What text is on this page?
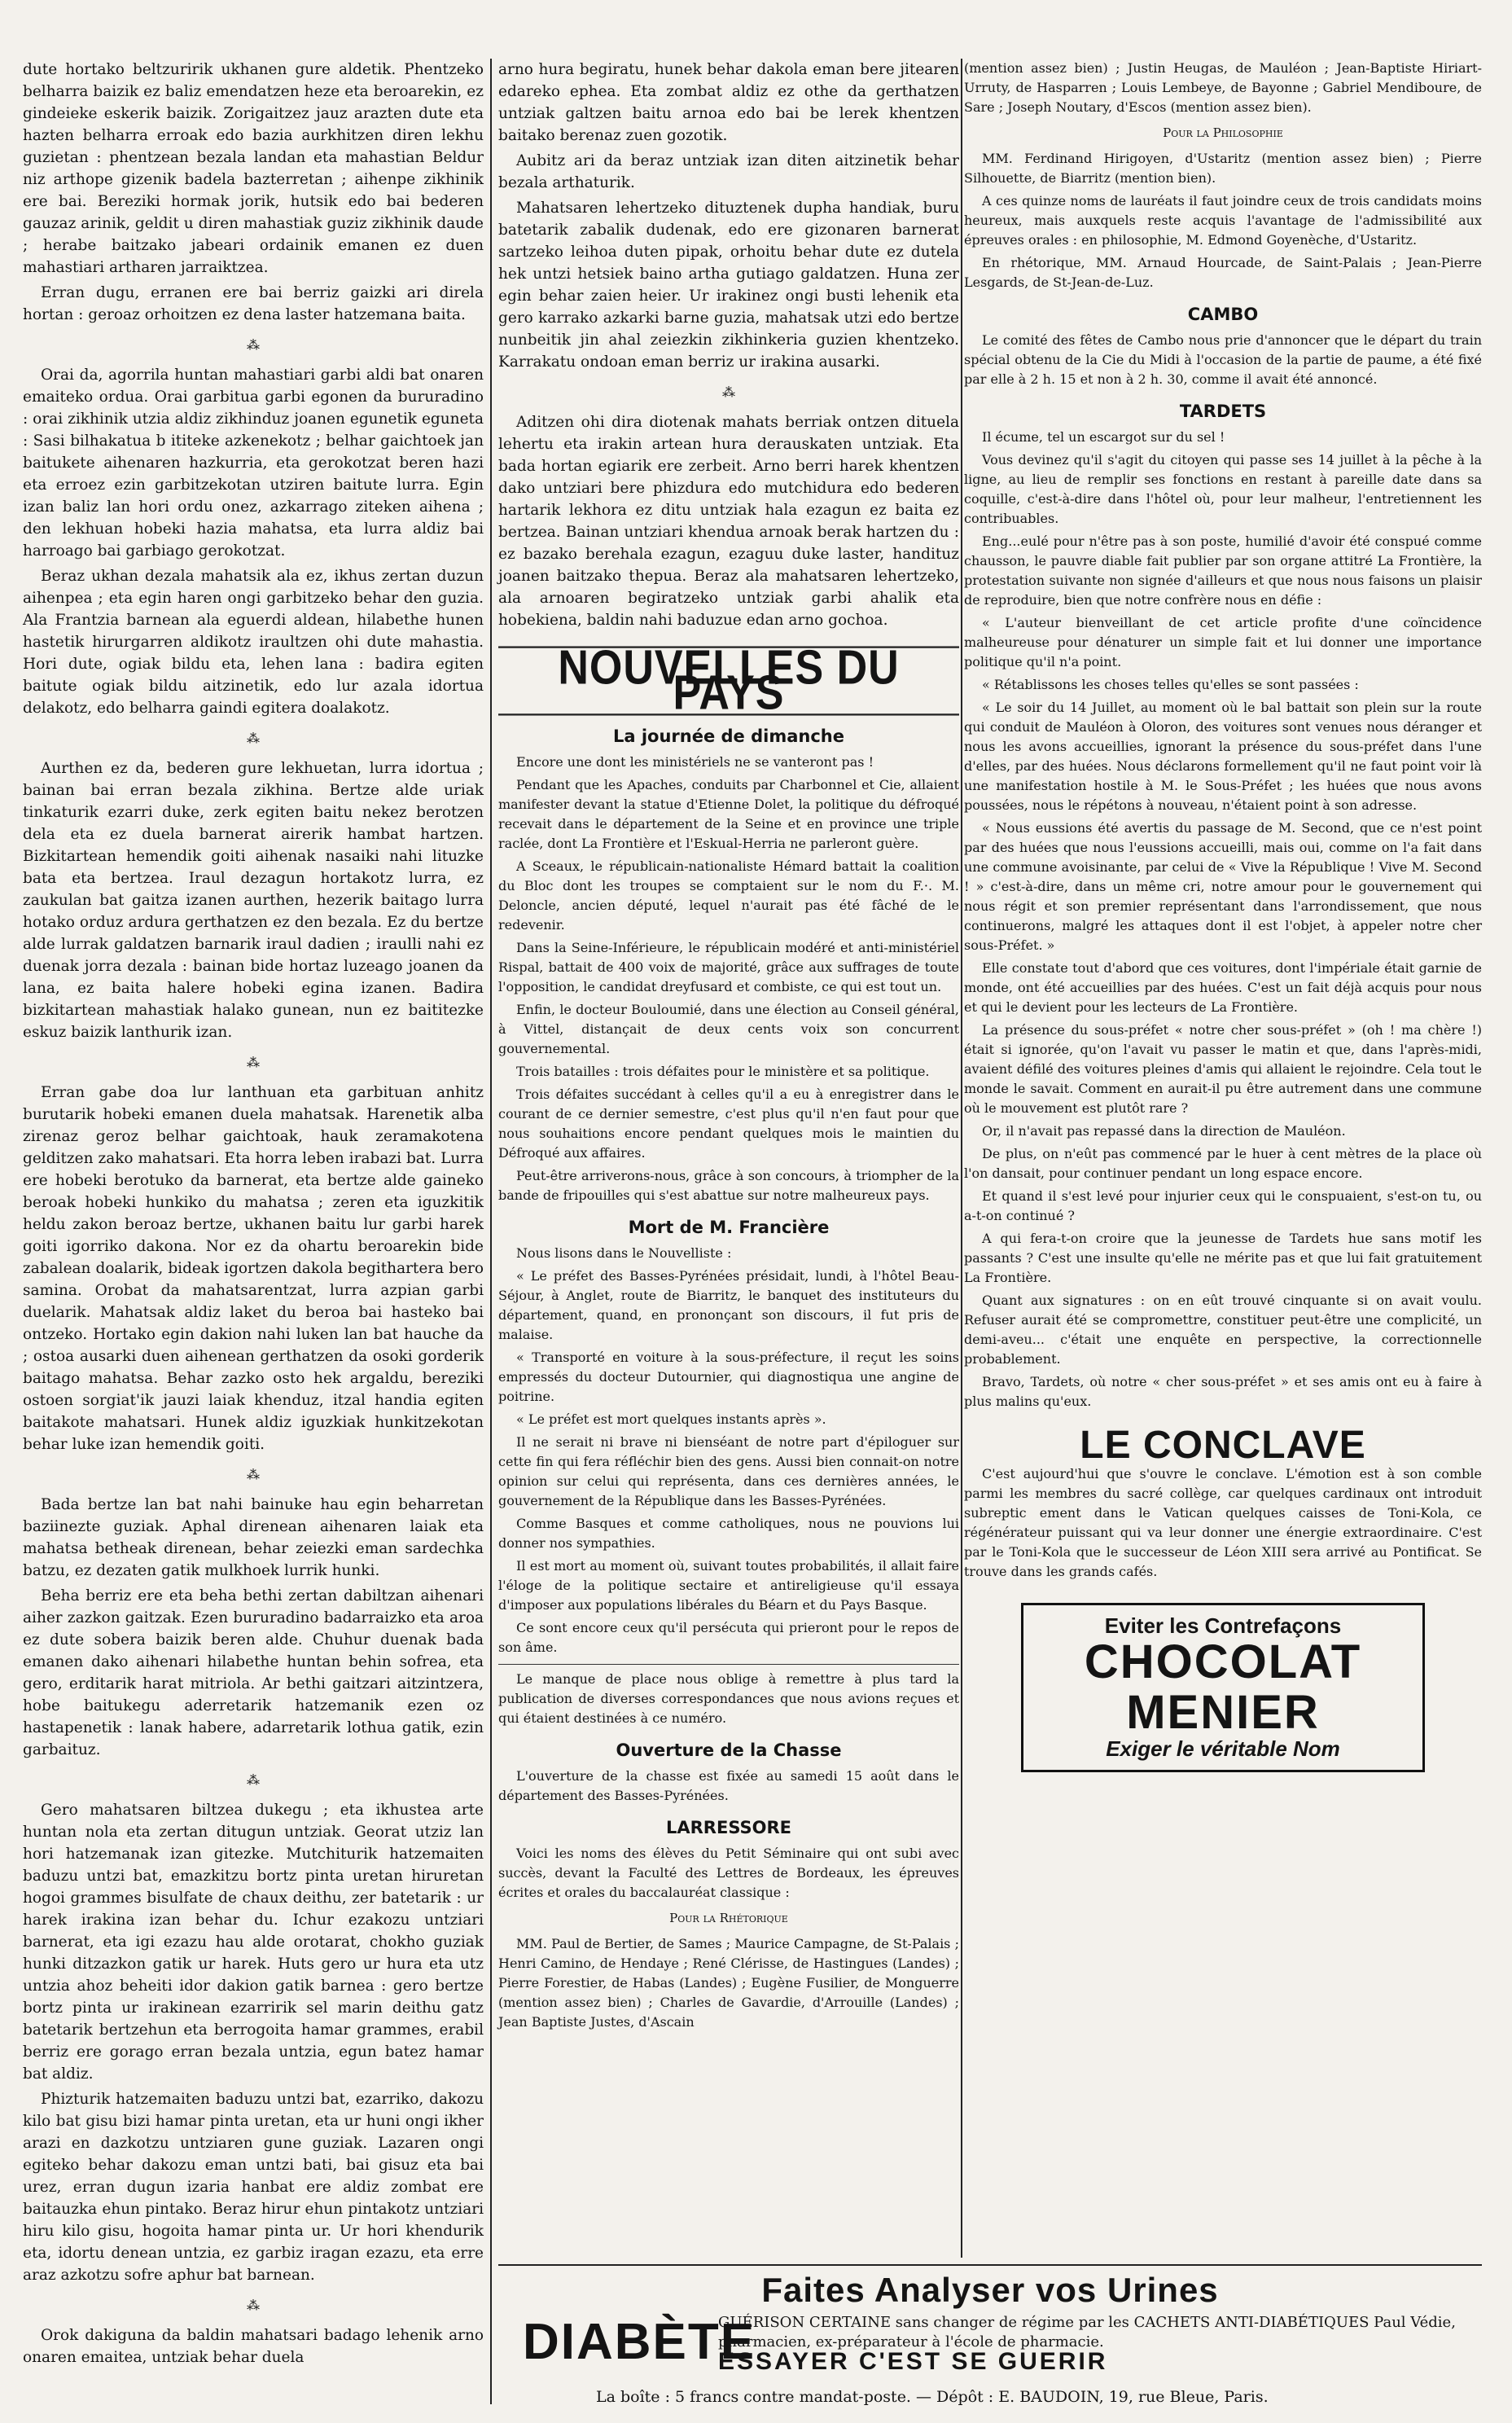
dute hortako beltzuririk ukhanen gure aldetik. Phentzeko belharra baizik ez baliz emendatzen heze eta beroarekin, ez gindeieke eskerik baizik. Zorigaitzez jauz arazten dute eta hazten belharra erroak edo bazia aurkhitzen diren lekhu guzietan : phentzean bezala landan eta mahastian Beldur niz arthope gizenik badela bazterretan ; aihenpe zikhinik ere bai. Bereziki hormak jorik, hutsik edo bai bederen gauzaz arinik, geldit u diren mahastiak guziz zikhinik daude ; herabe baitzako jabeari ordainik emanen ez duen mahastiari artharen jarraiktzea.

Erran dugu, erranen ere bai berriz gaizki ari direla hortan : geroaz orhoitzen ez dena laster hatzemana baita.

⁂

Orai da, agorrila huntan mahastiari garbi aldi bat onaren emaiteko ordua. Orai garbitua garbi egonen da bururadino : orai zikhinik utzia aldiz zikhinduz joanen egunetik eguneta : Sasi bilhakatua b ititeke azkenekotz ; belhar gaichtoek jan baitukete aihenaren hazkurria, eta gerokotzat beren hazi eta erroez ezin garbitzekotan utziren baitute lurra. Egin izan baliz lan hori ordu onez, azkarrago ziteken aihena ; den lekhuan hobeki hazia mahatsa, eta lurra aldiz bai harroago bai garbiago gerokotzat.

Beraz ukhan dezala mahatsik ala ez, ikhus zertan duzun aihenpea ; eta egin haren ongi garbitzeko behar den guzia. Ala Frantzia barnean ala eguerdi aldean, hilabethe hunen hastetik hirurgarren aldikotz iraultzen ohi dute mahastia. Hori dute, ogiak bildu eta, lehen lana : badira egiten baitute ogiak bildu aitzinetik, edo lur azala idortua delakotz, edo belharra gaindi egitera doalakotz.

⁂

Aurthen ez da, bederen gure lekhuetan, lurra idortua ; bainan bai erran bezala zikhina. Bertze alde uriak tinkaturik ezarri duke, zerk egiten baitu nekez berotzen dela eta ez duela barnerat airerik hambat hartzen. Bizkitartean hemendik goiti aihenak nasaiki nahi lituzke bata eta bertzea. Iraul dezagun hortakotz lurra, ez zaukulan bat gaitza izanen aurthen, hezerik baitago lurra hotako orduz ardura gerthatzen ez den bezala. Ez du bertze alde lurrak galdatzen barnarik iraul dadien ; iraulli nahi ez duenak jorra dezala : bainan bide hortaz luzeago joanen da lana, ez baita halere hobeki egina izanen. Badira bizkitartean mahastiak halako gunean, nun ez baititezke eskuz baizik lanthurik izan.

⁂

Erran gabe doa lur lanthuan eta garbituan anhitz burutarik hobeki emanen duela mahatsak. Harenetik alba zirenaz geroz belhar gaichtoak, hauk zeramakotena gelditzen zako mahatsari. Eta horra leben irabazi bat. Lurra ere hobeki berotuko da barnerat, eta bertze alde gaineko beroak hobeki hunkiko du mahatsa ; zeren eta iguzkitik heldu zakon beroaz bertze, ukhanen baitu lur garbi harek goiti igorriko dakona. Nor ez da ohartu beroarekin bide zabalean doalarik, bideak igortzen dakola begithartera bero samina. Orobat da mahatsarentzat, lurra azpian garbi duelarik. Mahatsak aldiz laket du beroa bai hasteko bai ontzeko. Hortako egin dakion nahi luken lan bat hauche da ; ostoa ausarki duen aihenean gerthatzen da osoki gorderik baitago mahatsa. Behar zazko osto hek argaldu, bereziki ostoen sorgiat'ik jauzi laiak khenduz, itzal handia egiten baitakote mahatsari. Hunek aldiz iguzkiak hunkitzekotan behar luke izan hemendik goiti.

⁂

Bada bertze lan bat nahi bainuke hau egin beharretan baziinezte guziak. Aphal direnean aihenaren laiak eta mahatsa betheak direnean, behar zeiezki eman sardechka batzu, ez dezaten gatik mulkhoek lurrik hunki.

Beha berriz ere eta beha bethi zertan dabiltzan aihenari aiher zazkon gaitzak. Ezen bururadino badarraizko eta aroa ez dute sobera baizik beren alde. Chuhur duenak bada emanen dako aihenari hilabethe huntan behin sofrea, eta gero, erditarik harat mitriola. Ar bethi gaitzari aitzintzera, hobe baitukegu aderretarik hatzemanik ezen oz hastapenetik : lanak habere, adarretarik lothua gatik, ezin garbaituz.

⁂

Gero mahatsaren biltzea dukegu ; eta ikhustea arte huntan nola eta zertan ditugun untziak. Georat utziz lan hori hatzemanak izan gitezke. Mutchiturik hatzemaiten baduzu untzi bat, emazkitzu bortz pinta uretan hiruretan hogoi grammes bisulfate de chaux deithu, zer batetarik : ur harek irakina izan behar du. Ichur ezakozu untziari barnerat, eta igi ezazu hau alde orotarat, chokho guziak hunki ditzazkon gatik ur harek. Huts gero ur hura eta utz untzia ahoz beheiti idor dakion gatik barnea : gero bertze bortz pinta ur irakinean ezarririk sel marin deithu gatz batetarik bertzehun eta berrogoita hamar grammes, erabil berriz ere gorago erran bezala untzia, egun batez hamar bat aldiz.

Phizturik hatzemaiten baduzu untzi bat, ezarriko, dakozu kilo bat gisu bizi hamar pinta uretan, eta ur huni ongi ikher arazi en dazkotzu untziaren gune guziak. Lazaren ongi egiteko behar dakozu eman untzi bati, bai gisuz eta bai urez, erran dugun izaria hanbat ere aldiz zombat ere baitauzka ehun pintako. Beraz hirur ehun pintakotz untziari hiru kilo gisu, hogoita hamar pinta ur. Ur hori khendurik eta, idortu denean untzia, ez garbiz iragan ezazu, eta erre araz azkotzu sofre aphur bat barnean.

⁂

Orok dakiguna da baldin mahatsari badago lehenik arno onaren emaitea, untziak behar duela

arno hura begiratu, hunek behar dakola eman bere jitearen edareko ephea. Eta zombat aldiz ez othe da gerthatzen untziak galtzen baitu arnoa edo bai be lerek khentzen baitako berenaz zuen gozotik.

Aubitz ari da beraz untziak izan diten aitzinetik behar bezala arthaturik.

Mahatsaren lehertzeko dituztenek dupha handiak, buru batetarik zabalik dudenak, edo ere gizonaren barnerat sartzeko leihoa duten pipak, orhoitu behar dute ez dutela hek untzi hetsiek baino artha gutiago galdatzen. Huna zer egin behar zaien heier. Ur irakinez ongi busti lehenik eta gero karrako azkarki barne guzia, mahatsak utzi edo bertze nunbeitik jin ahal zeiezkin zikhinkeria guzien khentzeko. Karrakatu ondoan eman berriz ur irakina ausarki.

⁂

Aditzen ohi dira diotenak mahats berriak ontzen dituela lehertu eta irakin artean hura derauskaten untziak. Eta bada hortan egiarik ere zerbeit. Arno berri harek khentzen dako untziari bere phizdura edo mutchidura edo bederen hartarik lekhora ez ditu untziak hala ezagun ez baita ez bertzea. Bainan untziari khendua arnoak berak hartzen du : ez bazako berehala ezagun, ezaguu duke laster, handituz joanen baitzako thepua. Beraz ala mahatsaren lehertzeko, ala arnoaren begiratzeko untziak garbi ahalik eta hobekiena, baldin nahi baduzue edan arno gochoa.

NOUVELLES DU PAYS
La journée de dimanche

Encore une dont les ministériels ne se vanteront pas !

Pendant que les Apaches, conduits par Charbonnel et Cie, allaient manifester devant la statue d'Etienne Dolet, la politique du défroqué recevait dans le département de la Seine et en province une triple raclée, dont La Frontière et l'Eskual-Herria ne parleront guère.

A Sceaux, le républicain-nationaliste Hémard battait la coalition du Bloc dont les troupes se comptaient sur le nom du F.·. M. Deloncle, ancien député, lequel n'aurait pas été fâché de le redevenir.

Dans la Seine-Inférieure, le républicain modéré et anti-ministériel Rispal, battait de 400 voix de majorité, grâce aux suffrages de toute l'opposition, le candidat dreyfusard et combiste, ce qui est tout un.

Enfin, le docteur Bouloumié, dans une élection au Conseil général, à Vittel, distançait de deux cents voix son concurrent gouvernemental.

Trois batailles : trois défaites pour le ministère et sa politique.

Trois défaites succédant à celles qu'il a eu à enregistrer dans le courant de ce dernier semestre, c'est plus qu'il n'en faut pour que nous souhaitions encore pendant quelques mois le maintien du Défroqué aux affaires.

Peut-être arriverons-nous, grâce à son concours, à triompher de la bande de fripouilles qui s'est abattue sur notre malheureux pays.

Mort de M. Francière

Nous lisons dans le Nouvelliste :

« Le préfet des Basses-Pyrénées présidait, lundi, à l'hôtel Beau-Séjour, à Anglet, route de Biarritz, le banquet des instituteurs du département, quand, en prononçant son discours, il fut pris de malaise.

« Transporté en voiture à la sous-préfecture, il reçut les soins empressés du docteur Dutournier, qui diagnostiqua une angine de poitrine.

« Le préfet est mort quelques instants après ».

Il ne serait ni brave ni bienséant de notre part d'épiloguer sur cette fin qui fera réfléchir bien des gens. Aussi bien connait-on notre opinion sur celui qui représenta, dans ces dernières années, le gouvernement de la République dans les Basses-Pyrénées.

Comme Basques et comme catholiques, nous ne pouvions lui donner nos sympathies.

Il est mort au moment où, suivant toutes probabilités, il allait faire l'éloge de la politique sectaire et antireligieuse qu'il essaya d'imposer aux populations libérales du Béarn et du Pays Basque.

Ce sont encore ceux qu'il persécuta qui prieront pour le repos de son âme.

Le manque de place nous oblige à remettre à plus tard la publication de diverses correspondances que nous avions reçues et qui étaient destinées à ce numéro.

Ouverture de la Chasse

L'ouverture de la chasse est fixée au samedi 15 août dans le département des Basses-Pyrénées.

LARRESSORE

Voici les noms des élèves du Petit Séminaire qui ont subi avec succès, devant la Faculté des Lettres de Bordeaux, les épreuves écrites et orales du baccalauréat classique :

Pour la Rhétorique

MM. Paul de Bertier, de Sames ; Maurice Campagne, de St-Palais ; Henri Camino, de Hendaye ; René Clérisse, de Hastingues (Landes) ; Pierre Forestier, de Habas (Landes) ; Eugène Fusilier, de Monguerre (mention assez bien) ; Charles de Gavardie, d'Arrouille (Landes) ; Jean Baptiste Justes, d'Ascain

(mention assez bien) ; Justin Heugas, de Mauléon ; Jean-Baptiste Hiriart-Urruty, de Hasparren ; Louis Lembeye, de Bayonne ; Gabriel Mendiboure, de Sare ; Joseph Noutary, d'Escos (mention assez bien).

Pour la Philosophie

MM. Ferdinand Hirigoyen, d'Ustaritz (mention assez bien) ; Pierre Silhouette, de Biarritz (mention bien).

A ces quinze noms de lauréats il faut joindre ceux de trois candidats moins heureux, mais auxquels reste acquis l'avantage de l'admissibilité aux épreuves orales : en philosophie, M. Edmond Goyenèche, d'Ustaritz.

En rhétorique, MM. Arnaud Hourcade, de Saint-Palais ; Jean-Pierre Lesgards, de St-Jean-de-Luz.

CAMBO

Le comité des fêtes de Cambo nous prie d'annoncer que le départ du train spécial obtenu de la Cie du Midi à l'occasion de la partie de paume, a été fixé par elle à 2 h. 15 et non à 2 h. 30, comme il avait été annoncé.

TARDETS

Il écume, tel un escargot sur du sel !

Vous devinez qu'il s'agit du citoyen qui passe ses 14 juillet à la pêche à la ligne, au lieu de remplir ses fonctions en restant à pareille date dans sa coquille, c'est-à-dire dans l'hôtel où, pour leur malheur, l'entretiennent les contribuables.

Eng...eulé pour n'être pas à son poste, humilié d'avoir été conspué comme chausson, le pauvre diable fait publier par son organe attitré La Frontière, la protestation suivante non signée d'ailleurs et que nous nous faisons un plaisir de reproduire, bien que notre confrère nous en défie :

« L'auteur bienveillant de cet article profite d'une coïncidence malheureuse pour dénaturer un simple fait et lui donner une importance politique qu'il n'a point.

« Rétablissons les choses telles qu'elles se sont passées :

« Le soir du 14 Juillet, au moment où le bal battait son plein sur la route qui conduit de Mauléon à Oloron, des voitures sont venues nous déranger et nous les avons accueillies, ignorant la présence du sous-préfet dans l'une d'elles, par des huées. Nous déclarons formellement qu'il ne faut point voir là une manifestation hostile à M. le Sous-Préfet ; les huées que nous avons poussées, nous le répétons à nouveau, n'étaient point à son adresse.

« Nous eussions été avertis du passage de M. Second, que ce n'est point par des huées que nous l'eussions accueilli, mais oui, comme on l'a fait dans une commune avoisinante, par celui de « Vive la République ! Vive M. Second ! » c'est-à-dire, dans un même cri, notre amour pour le gouvernement qui nous régit et son premier représentant dans l'arrondissement, que nous continuerons, malgré les attaques dont il est l'objet, à appeler notre cher sous-Préfet. »

Elle constate tout d'abord que ces voitures, dont l'impériale était garnie de monde, ont été accueillies par des huées. C'est un fait déjà acquis pour nous et qui le devient pour les lecteurs de La Frontière.

La présence du sous-préfet « notre cher sous-préfet » (oh ! ma chère !) était si ignorée, qu'on l'avait vu passer le matin et que, dans l'après-midi, avaient défilé des voitures pleines d'amis qui allaient le rejoindre. Cela tout le monde le savait. Comment en aurait-il pu être autrement dans une commune où le mouvement est plutôt rare ?

Or, il n'avait pas repassé dans la direction de Mauléon.

De plus, on n'eût pas commencé par le huer à cent mètres de la place où l'on dansait, pour continuer pendant un long espace encore.

Et quand il s'est levé pour injurier ceux qui le conspuaient, s'est-on tu, ou a-t-on continué ?

A qui fera-t-on croire que la jeunesse de Tardets hue sans motif les passants ? C'est une insulte qu'elle ne mérite pas et que lui fait gratuitement La Frontière.

Quant aux signatures : on en eût trouvé cinquante si on avait voulu. Refuser aurait été se compromettre, constituer peut-être une complicité, un demi-aveu... c'était une enquête en perspective, la correctionnelle probablement.

Bravo, Tardets, où notre « cher sous-préfet » et ses amis ont eu à faire à plus malins qu'eux.

LE CONCLAVE

C'est aujourd'hui que s'ouvre le conclave. L'émotion est à son comble parmi les membres du sacré collège, car quelques cardinaux ont introduit subreptic ement dans le Vatican quelques caisses de Toni-Kola, ce régénérateur puissant qui va leur donner une énergie extraordinaire. C'est par le Toni-Kola que le successeur de Léon XIII sera arrivé au Pontificat. Se trouve dans les grands cafés.

Eviter les Contrefaçons
CHOCOLAT
MENIER
Exiger le véritable Nom
Faites Analyser vos Urines
DIABÈTE
GUÉRISON CERTAINE sans changer de régime par les CACHETS ANTI-DIABÉTIQUES Paul Védie, pharmacien, ex-préparateur à l'école de pharmacie.
ESSAYER C'EST SE GUERIR
La boîte : 5 francs contre mandat-poste. — Dépôt : E. BAUDOIN, 19, rue Bleue, Paris.
